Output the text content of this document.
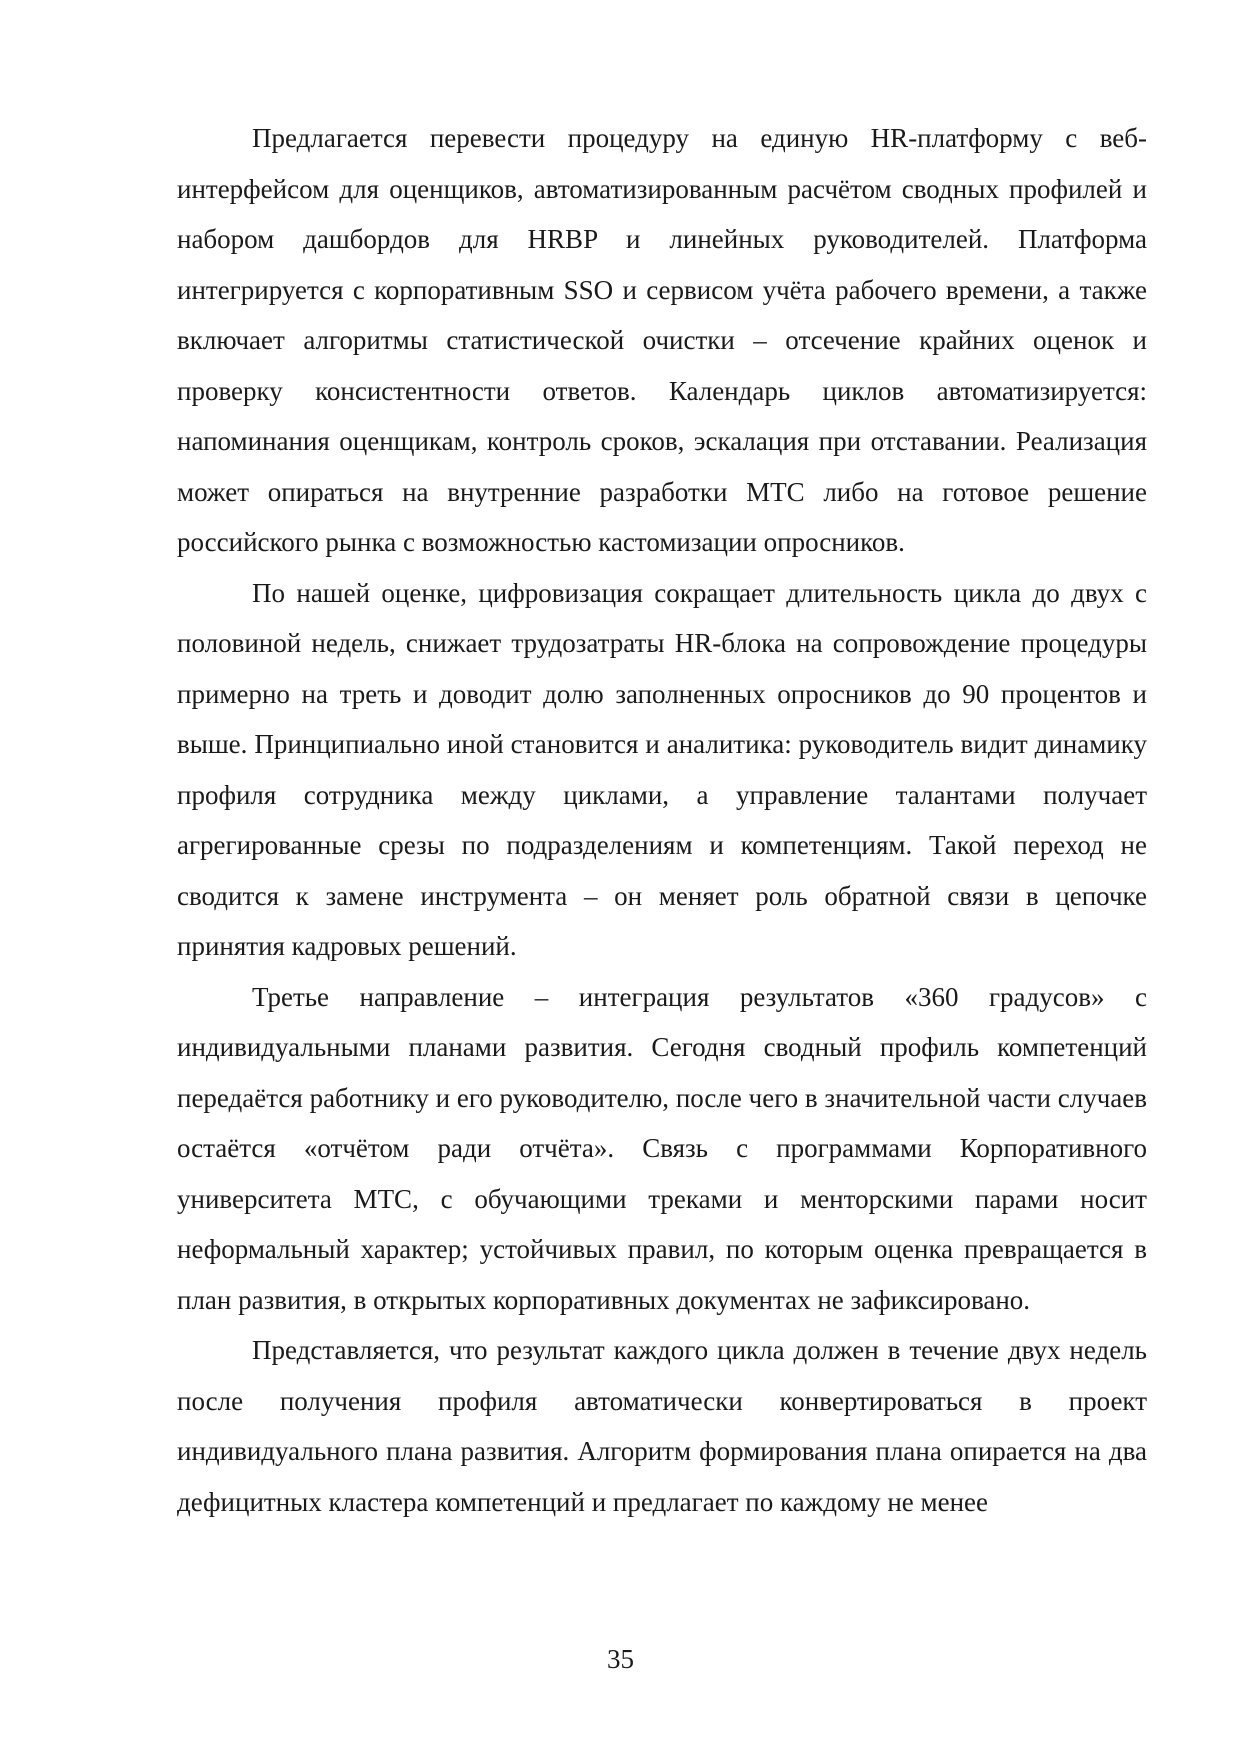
Предлагается перевести процедуру на единую HR-платформу с веб-интерфейсом для оценщиков, автоматизированным расчётом сводных профилей и набором дашбордов для HRBP и линейных руководителей. Платформа интегрируется с корпоративным SSO и сервисом учёта рабочего времени, а также включает алгоритмы статистической очистки – отсечение крайних оценок и проверку консистентности ответов. Календарь циклов автоматизируется: напоминания оценщикам, контроль сроков, эскалация при отставании. Реализация может опираться на внутренние разработки МТС либо на готовое решение российского рынка с возможностью кастомизации опросников.

По нашей оценке, цифровизация сокращает длительность цикла до двух с половиной недель, снижает трудозатраты HR-блока на сопровождение процедуры примерно на треть и доводит долю заполненных опросников до 90 процентов и выше. Принципиально иной становится и аналитика: руководитель видит динамику профиля сотрудника между циклами, а управление талантами получает агрегированные срезы по подразделениям и компетенциям. Такой переход не сводится к замене инструмента – он меняет роль обратной связи в цепочке принятия кадровых решений.

Третье направление – интеграция результатов «360 градусов» с индивидуальными планами развития. Сегодня сводный профиль компетенций передаётся работнику и его руководителю, после чего в значительной части случаев остаётся «отчётом ради отчёта». Связь с программами Корпоративного университета МТС, с обучающими треками и менторскими парами носит неформальный характер; устойчивых правил, по которым оценка превращается в план развития, в открытых корпоративных документах не зафиксировано.

Представляется, что результат каждого цикла должен в течение двух недель после получения профиля автоматически конвертироваться в проект индивидуального плана развития. Алгоритм формирования плана опирается на два дефицитных кластера компетенций и предлагает по каждому не менее

35
